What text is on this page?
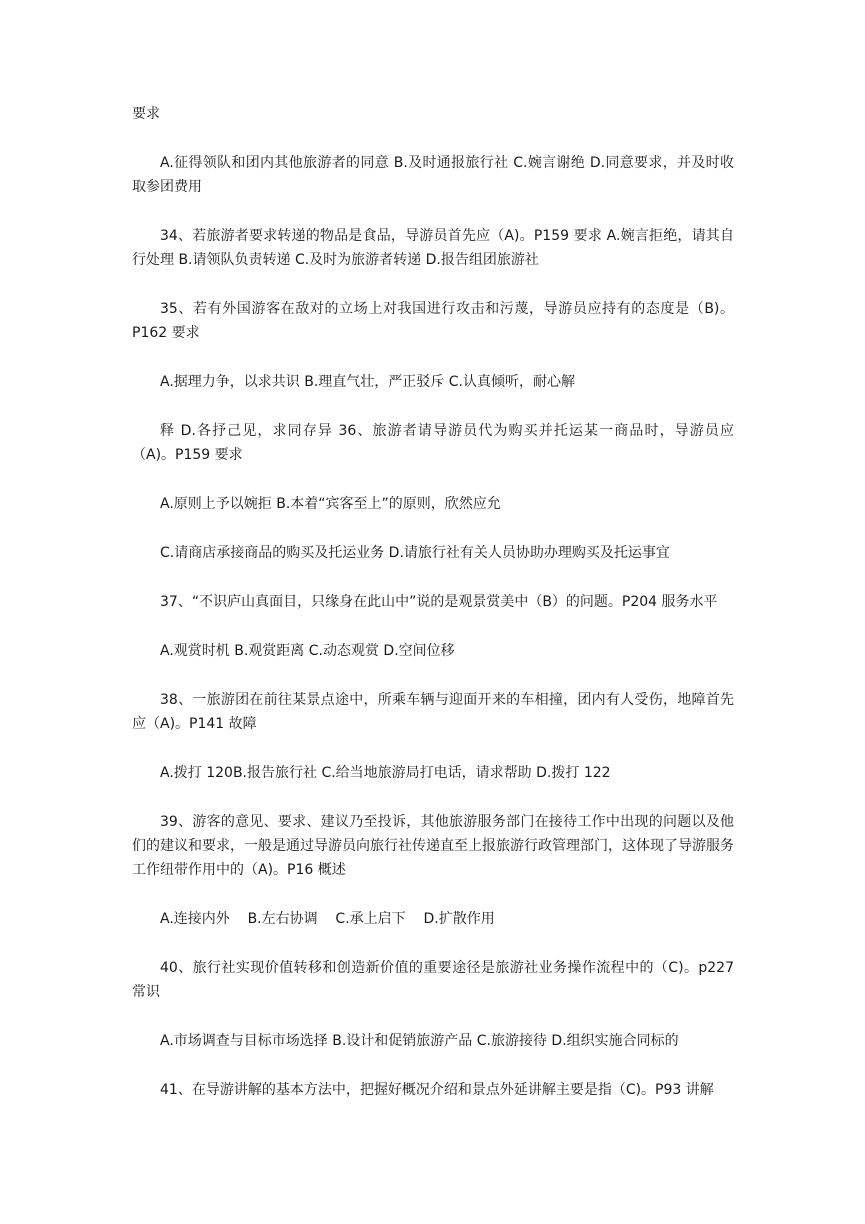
要求

A.征得领队和团内其他旅游者的同意 B.及时通报旅行社 C.婉言谢绝 D.同意要求，并及时收取参团费用

34、若旅游者要求转递的物品是食品，导游员首先应（A)。P159 要求 A.婉言拒绝，请其自行处理 B.请领队负责转递 C.及时为旅游者转递 D.报告组团旅游社

35、若有外国游客在敌对的立场上对我国进行攻击和污蔑，导游员应持有的态度是（B)。P162 要求

A.据理力争，以求共识 B.理直气壮，严正驳斥 C.认真倾听，耐心解

释 D.各抒己见，求同存异 36、旅游者请导游员代为购买并托运某一商品时，导游员应（A)。P159 要求

A.原则上予以婉拒 B.本着“宾客至上”的原则，欣然应允

C.请商店承接商品的购买及托运业务 D.请旅行社有关人员协助办理购买及托运事宜

37、“不识庐山真面目，只缘身在此山中”说的是观景赏美中（B）的问题。P204 服务水平

A.观赏时机 B.观赏距离 C.动态观赏 D.空间位移

38、一旅游团在前往某景点途中，所乘车辆与迎面开来的车相撞，团内有人受伤，地障首先应（A)。P141 故障

A.拨打 120B.报告旅行社 C.给当地旅游局打电话，请求帮助 D.拨打 122

39、游客的意见、要求、建议乃至投诉，其他旅游服务部门在接待工作中出现的问题以及他们的建议和要求，一般是通过导游员向旅行社传递直至上报旅游行政管理部门，这体现了导游服务工作纽带作用中的（A)。P16 概述

A.连接内外    B.左右协调    C.承上启下    D.扩散作用

40、旅行社实现价值转移和创造新价值的重要途径是旅游社业务操作流程中的（C)。p227 常识

A.市场调查与目标市场选择 B.设计和促销旅游产品 C.旅游接待 D.组织实施合同标的

41、在导游讲解的基本方法中，把握好概况介绍和景点外延讲解主要是指（C)。P93 讲解
